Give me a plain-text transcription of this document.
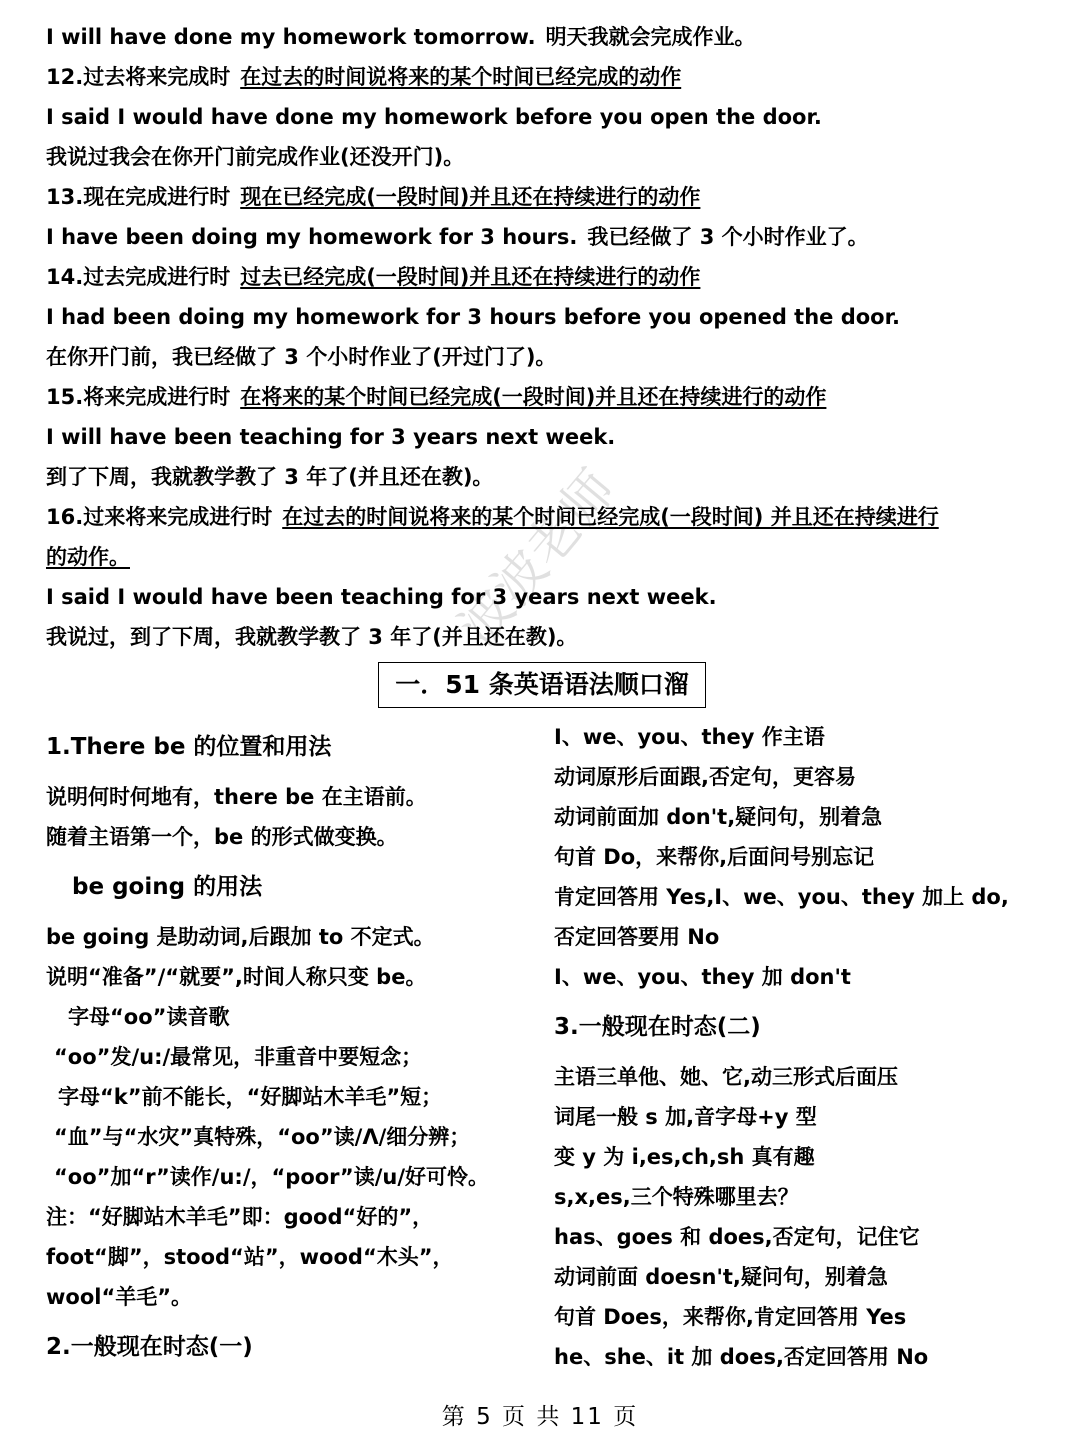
I will have done my homework tomorrow. 明天我就会完成作业。
12.过去将来完成时 在过去的时间说将来的某个时间已经完成的动作
I said I would have done my homework before you open the door.
我说过我会在你开门前完成作业(还没开门)。
13.现在完成进行时 现在已经完成(一段时间)并且还在持续进行的动作
I have been doing my homework for 3 hours. 我已经做了 3 个小时作业了。
14.过去完成进行时 过去已经完成(一段时间)并且还在持续进行的动作
I had been doing my homework for 3 hours before you opened the door.
在你开门前，我已经做了 3 个小时作业了(开过门了)。
15.将来完成进行时 在将来的某个时间已经完成(一段时间)并且还在持续进行的动作
I will have been teaching for 3 years next week.
到了下周，我就教学教了 3 年了(并且还在教)。
16.过来将来完成进行时 在过去的时间说将来的某个时间已经完成(一段时间) 并且还在持续进行
的动作。
I said I would have been teaching for 3 years next week.
我说过，到了下周，我就教学教了 3 年了(并且还在教)。
一．51 条英语语法顺口溜
波波老师
1.There be 的位置和用法
说明何时何地有，there be 在主语前。
随着主语第一个，be 的形式做变换。
be going 的用法
be going 是助动词,后跟加 to 不定式。
说明“准备”/“就要”,时间人称只变 be。
字母“oo”读音歌
“oo”发/u:/最常见，非重音中要短念；
字母“k”前不能长，“好脚站木羊毛”短；
“血”与“水灾”真特殊，“oo”读/Λ/细分辨；
“oo”加“r”读作/u:/，“poor”读/u/好可怜。
注：“好脚站木羊毛”即：good“好的”，
foot“脚”，stood“站”，wood“木头”，
wool“羊毛”。
2.一般现在时态(一)
I、we、you、they 作主语
动词原形后面跟,否定句，更容易
动词前面加 don't,疑问句，别着急
句首 Do，来帮你,后面问号别忘记
肯定回答用 Yes,I、we、you、they 加上 do,
否定回答要用 No
I、we、you、they 加 don't
3.一般现在时态(二)
主语三单他、她、它,动三形式后面压
词尾一般 s 加,音字母+y 型
变 y 为 i,es,ch,sh 真有趣
s,x,es,三个特殊哪里去？
has、goes 和 does,否定句，记住它
动词前面 doesn't,疑问句，别着急
句首 Does，来帮你,肯定回答用 Yes
he、she、it 加 does,否定回答用 No
第 5 页 共 11 页
